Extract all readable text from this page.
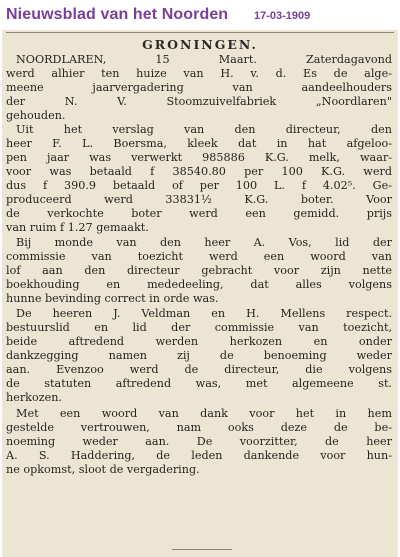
Nieuwsblad van het Noorden 17-03-1909
GRONINGEN.
NOORDLAREN, 15 Maart. Zaterdagavond
werd alhier ten huize van H. v. d. Es de alge-
meene jaarvergadering van aandeelhouders
der N. V. Stoomzuivelfabriek „Noordlaren"
gehouden.
Uit het verslag van den directeur, den
heer F. L. Boersma, kleek dat in hat afgeloo-
pen jaar was verwerkt 985886 K.G. melk, waar-
voor was betaald f 38540.80 per 100 K.G. werd
dus f 390.9 betaald of per 100 L. f 4.02⁵. Ge-
produceerd werd 33831½ K.G. boter. Voor
de verkochte boter werd een gemidd. prijs
van ruim f 1.27 gemaakt.
Bij monde van den heer A. Vos, lid der
commissie van toezicht werd een woord van
lof aan den directeur gebracht voor zijn nette
boekhouding en mededeeling, dat alles volgens
hunne bevinding correct in orde was.
De heeren J. Veldman en H. Mellens respect.
bestuurslid en lid der commissie van toezicht,
beide aftredend werden herkozen en onder
dankzegging namen zij de benoeming weder
aan. Evenzoo werd de directeur, die volgens
de statuten aftredend was, met algemeene st.
herkozen.
Met een woord van dank voor het in hem
gestelde vertrouwen, nam ooks deze de be-
noeming weder aan. De voorzitter, de heer
A. S. Haddering, de leden dankende voor hun-
ne opkomst, sloot de vergadering.
